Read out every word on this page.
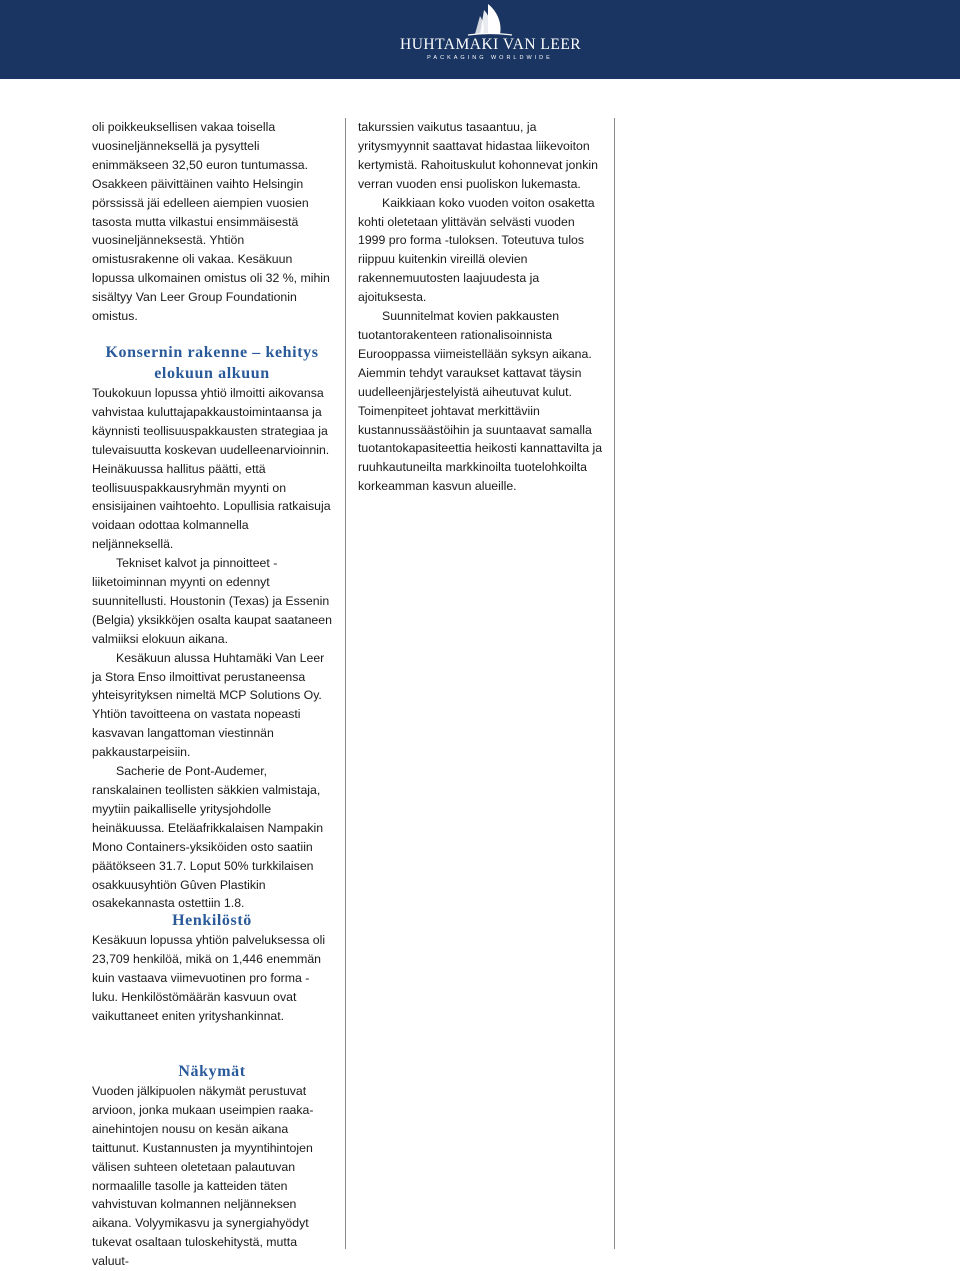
HUHTAMAKI VAN LEER
PACKAGING WORLDWIDE

oli poikkeuksellisen vakaa toisella vuosineljänneksellä ja pysytteli enimmäkseen 32,50 euron tuntumassa. Osakkeen päivittäinen vaihto Helsingin pörssissä jäi edelleen aiempien vuosien tasosta mutta vilkastui ensimmäisestä vuosineljänneksestä. Yhtiön omistusrakenne oli vakaa. Kesäkuun lopussa ulkomainen omistus oli 32 %, mihin sisältyy Van Leer Group Foundationin omistus.

Konsernin rakenne – kehitys elokuun alkuun

Toukokuun lopussa yhtiö ilmoitti aikovansa vahvistaa kuluttajapakkaustoimintaansa ja käynnisti teollisuuspakkausten strategiaa ja tulevaisuutta koskevan uudelleenarvioinnin. Heinäkuussa hallitus päätti, että teollisuuspakkausryhmän myynti on ensisijainen vaihtoehto. Lopullisia ratkaisuja voidaan odottaa kolmannella neljänneksellä.

Tekniset kalvot ja pinnoitteet -liiketoiminnan myynti on edennyt suunnitellusti. Houstonin (Texas) ja Essenin (Belgia) yksikköjen osalta kaupat saataneen valmiiksi elokuun aikana.

Kesäkuun alussa Huhtamäki Van Leer ja Stora Enso ilmoittivat perustaneensa yhteisyrityksen nimeltä MCP Solutions Oy. Yhtiön tavoitteena on vastata nopeasti kasvavan langattoman viestinnän pakkaustarpeisiin.

Sacherie de Pont-Audemer, ranskalainen teollisten säkkien valmistaja, myytiin paikalliselle yritysjohdolle heinäkuussa. Eteläafrikkalaisen Nampakin Mono Containers-yksiköiden osto saatiin päätökseen 31.7. Loput 50% turkkilaisen osakkuusyhtiön Gûven Plastikin osakekannasta ostettiin 1.8.

Henkilöstö

Kesäkuun lopussa yhtiön palveluksessa oli 23,709 henkilöä, mikä on 1,446 enemmän kuin vastaava viimevuotinen pro forma -luku. Henkilöstömäärän kasvuun ovat vaikuttaneet eniten yrityshankinnat.

Näkymät

Vuoden jälkipuolen näkymät perustuvat arvioon, jonka mukaan useimpien raaka-ainehintojen nousu on kesän aikana taittunut. Kustannusten ja myyntihintojen välisen suhteen oletetaan palautuvan normaalille tasolle ja katteiden täten vahvistuvan kolmannen neljänneksen aikana. Volyymikasvu ja synergiahyödyt tukevat osaltaan tuloskehitystä, mutta valuut-

takurssien vaikutus tasaantuu, ja yritysmyynnit saattavat hidastaa liikevoiton kertymistä. Rahoituskulut kohonnevat jonkin verran vuoden ensi puoliskon lukemasta.

Kaikkiaan koko vuoden voiton osaketta kohti oletetaan ylittävän selvästi vuoden 1999 pro forma -tuloksen. Toteutuva tulos riippuu kuitenkin vireillä olevien rakennemuutosten laajuudesta ja ajoituksesta.

Suunnitelmat kovien pakkausten tuotantorakenteen rationalisoinnista Eurooppassa viimeistellään syksyn aikana. Aiemmin tehdyt varaukset kattavat täysin uudelleenjärjestelyistä aiheutuvat kulut. Toimenpiteet johtavat merkittäviin kustannussäästöihin ja suuntaavat samalla tuotantokapasiteettia heikosti kannattavilta ja ruuhkautuneilta markkinoilta tuotelohkoilta korkeamman kasvun alueille.
